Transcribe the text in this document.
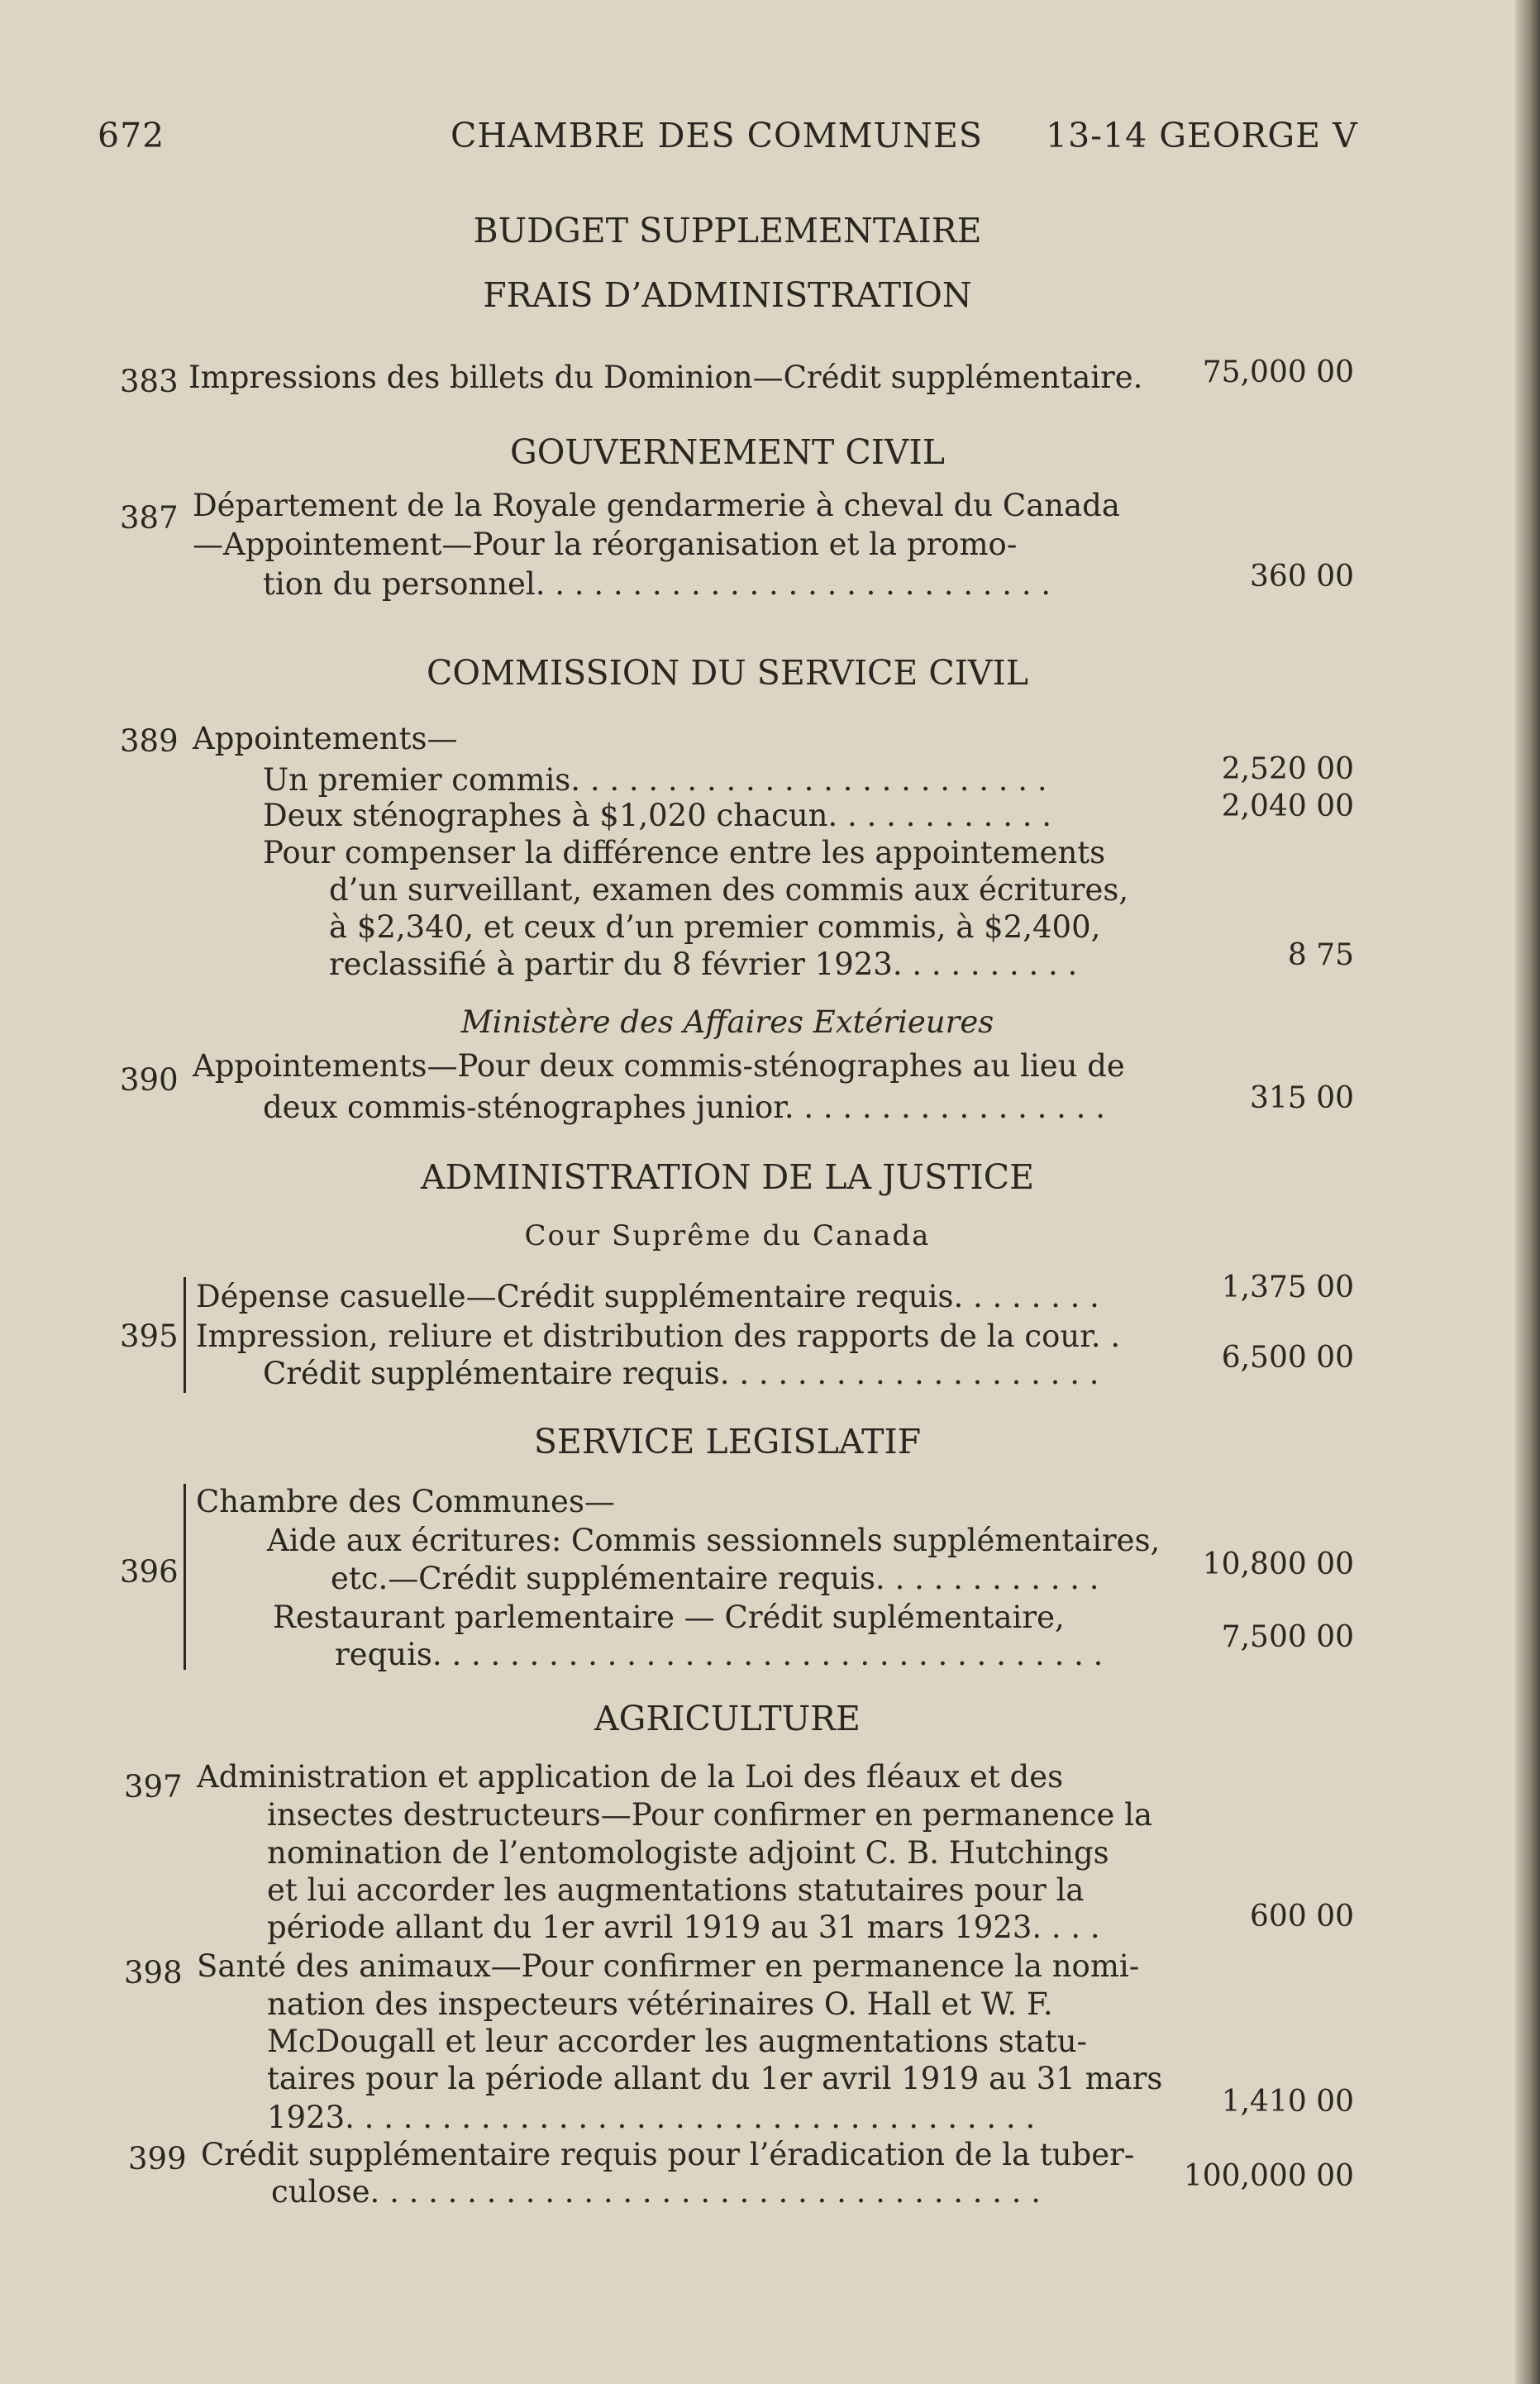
672	CHAMBRE DES COMMUNES 13-14 GEORGE V
BUDGET SUPPLEMENTAIRE
FRAIS D’ADMINISTRATION
383 Impressions des billets du Dominion—Crédit supplémentaire.	75,000 00
GOUVERNEMENT CIVIL
387 Département de la Royale gendarmerie à cheval du Canada
—Appointement—Pour la réorganisation et la promo-
tion du personnel. . . . . . . . . . . . . . . . . . . . . . . . . . .	360 00
COMMISSION DU SERVICE CIVIL
389 Appointements—
Un premier commis. . . . . . . . . . . . . . . . . . . . . . . . .	2,520 00
Deux sténographes à $1,020 chacun. . . . . . . . . . . .	2,040 00
Pour compenser la différence entre les appointements
d’un surveillant, examen des commis aux écritures,
à $2,340, et ceux d’un premier commis, à $2,400,
reclassifié à partir du 8 février 1923. . . . . . . . . .	8 75
Ministère des Affaires Extérieures
390 Appointements—Pour deux commis-sténographes au lieu de
deux commis-sténographes junior. . . . . . . . . . . . . . . . .	315 00
ADMINISTRATION DE LA JUSTICE
Cour Suprême du Canada
395
Dépense casuelle—Crédit supplémentaire requis. . . . . . . .	1,375 00
Impression, reliure et distribution des rapports de la cour. .
Crédit supplémentaire requis. . . . . . . . . . . . . . . . . . . .	6,500 00
SERVICE LEGISLATIF
396
Chambre des Communes—
Aide aux écritures: Commis sessionnels supplémentaires,
etc.—Crédit supplémentaire requis. . . . . . . . . . . .	10,800 00
Restaurant parlementaire — Crédit suplémentaire,
requis. . . . . . . . . . . . . . . . . . . . . . . . . . . . . . . . . . .	7,500 00
AGRICULTURE
397 Administration et application de la Loi des fléaux et des
insectes destructeurs—Pour confirmer en permanence la
nomination de l’entomologiste adjoint C. B. Hutchings
et lui accorder les augmentations statutaires pour la
période allant du 1er avril 1919 au 31 mars 1923. . . .	600 00
398 Santé des animaux—Pour confirmer en permanence la nomi-
nation des inspecteurs vétérinaires O. Hall et W. F.
McDougall et leur accorder les augmentations statu-
taires pour la période allant du 1er avril 1919 au 31 mars
1923. . . . . . . . . . . . . . . . . . . . . . . . . . . . . . . . . . . .	1,410 00
399 Crédit supplémentaire requis pour l’éradication de la tuber-
culose. . . . . . . . . . . . . . . . . . . . . . . . . . . . . . . . . . .	100,000 00
